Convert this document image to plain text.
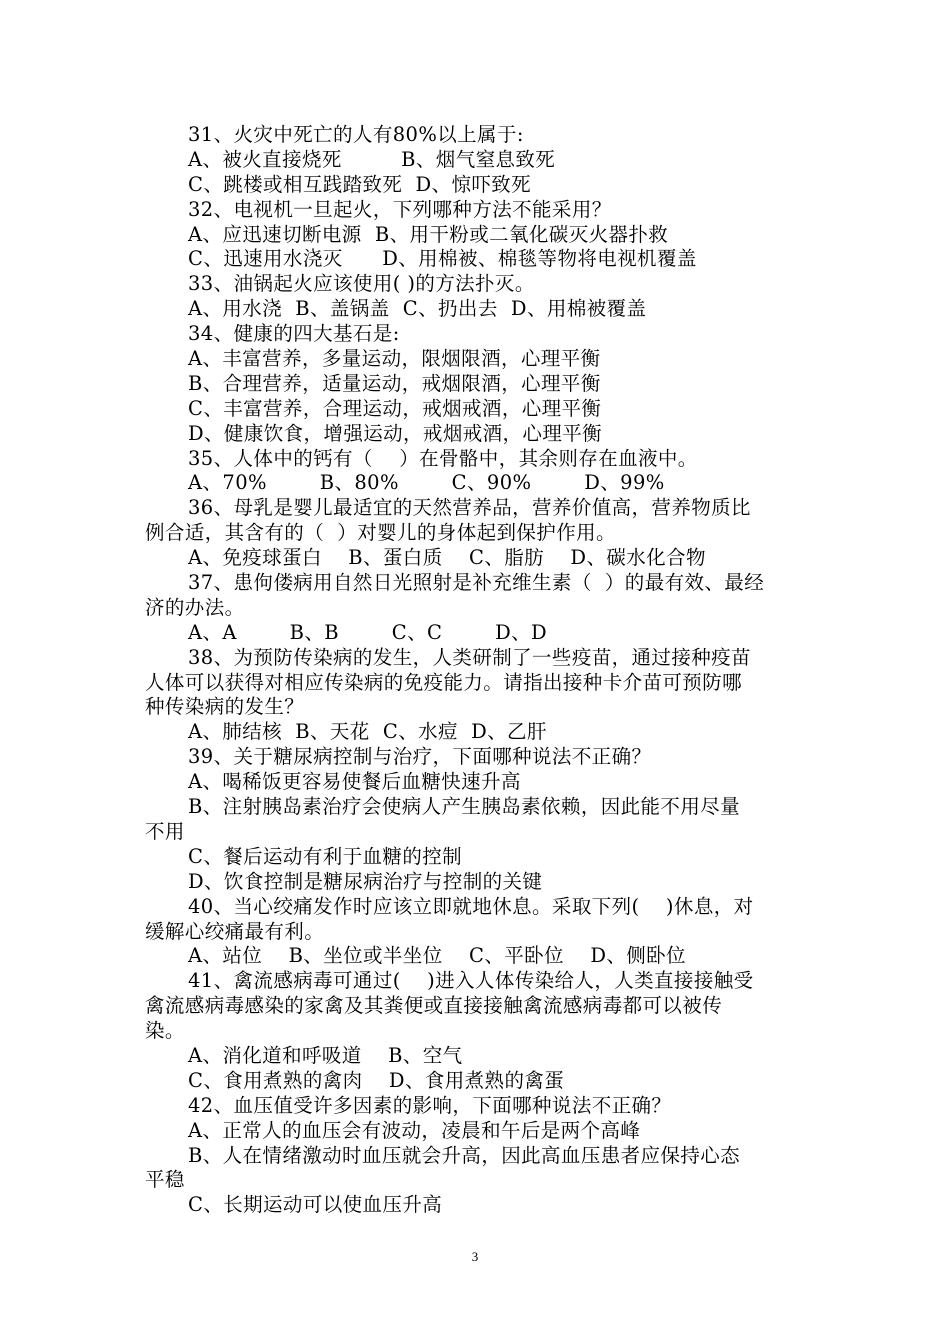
31、火灾中死亡的人有80%以上属于:
A、被火直接烧死         B、烟气窒息致死
C、跳楼或相互践踏致死  D、惊吓致死
32、电视机一旦起火，下列哪种方法不能采用？
A、应迅速切断电源  B、用干粉或二氧化碳灭火器扑救
C、迅速用水浇灭      D、用棉被、棉毯等物将电视机覆盖
33、油锅起火应该使用( )的方法扑灭。
A、用水浇  B、盖锅盖  C、扔出去  D、用棉被覆盖
34、健康的四大基石是:
A、丰富营养，多量运动，限烟限酒，心理平衡
B、合理营养，适量运动，戒烟限酒，心理平衡
C、丰富营养，合理运动，戒烟戒酒，心理平衡
D、健康饮食，增强运动，戒烟戒酒，心理平衡
35、人体中的钙有（    ）在骨骼中，其余则存在血液中。
A、70%        B、80%        C、90%        D、99%
36、母乳是婴儿最适宜的天然营养品，营养价值高，营养物质比
例合适，其含有的（  ）对婴儿的身体起到保护作用。
A、免疫球蛋白    B、蛋白质    C、脂肪    D、碳水化合物
37、患佝偻病用自然日光照射是补充维生素（  ）的最有效、最经
济的办法。
A、A        B、B        C、C        D、D
38、为预防传染病的发生，人类研制了一些疫苗，通过接种疫苗
人体可以获得对相应传染病的免疫能力。请指出接种卡介苗可预防哪
种传染病的发生？
A、肺结核  B、天花  C、水痘  D、乙肝
39、关于糖尿病控制与治疗，下面哪种说法不正确？
A、喝稀饭更容易使餐后血糖快速升高
B、注射胰岛素治疗会使病人产生胰岛素依赖，因此能不用尽量
不用
C、餐后运动有利于血糖的控制
D、饮食控制是糖尿病治疗与控制的关键
40、当心绞痛发作时应该立即就地休息。采取下列(    )休息，对
缓解心绞痛最有利。
A、站位    B、坐位或半坐位    C、平卧位    D、侧卧位
41、禽流感病毒可通过(    )进入人体传染给人，人类直接接触受
禽流感病毒感染的家禽及其粪便或直接接触禽流感病毒都可以被传
染。
A、消化道和呼吸道    B、空气
C、食用煮熟的禽肉    D、食用煮熟的禽蛋
42、血压值受许多因素的影响，下面哪种说法不正确？
A、正常人的血压会有波动，凌晨和午后是两个高峰
B、人在情绪激动时血压就会升高，因此高血压患者应保持心态
平稳
C、长期运动可以使血压升高
3
